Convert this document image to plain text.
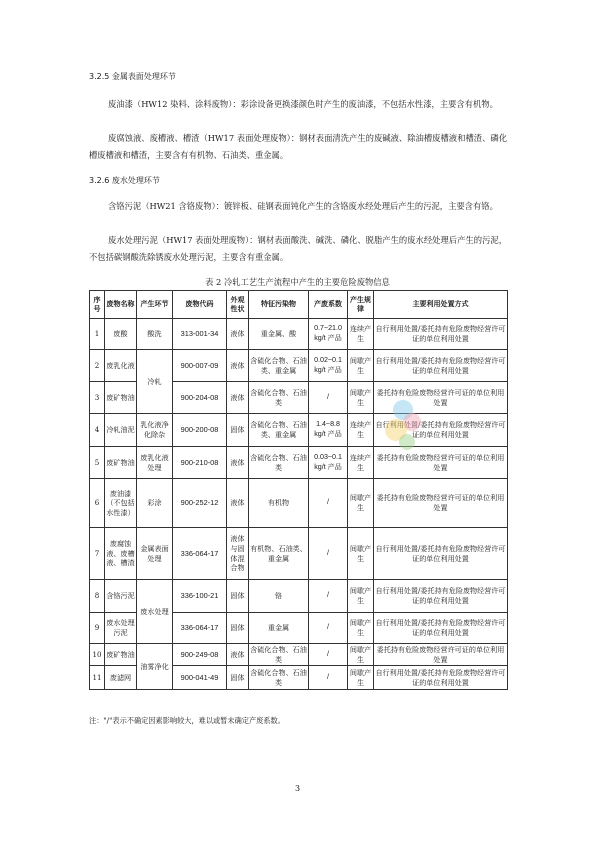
3.2.5 金属表面处理环节
废油漆（HW12 染料、涂料废物）：彩涂设备更换漆颜色时产生的废油漆，不包括水性漆，主要含有机物。
废腐蚀液、废槽液、槽渣（HW17 表面处理废物）：钢材表面清洗产生的废碱液、除油槽废槽液和槽渣、磷化槽废槽液和槽渣，主要含有有机物、石油类、重金属。
3.2.6 废水处理环节
含铬污泥（HW21 含铬废物）：镀锌板、硅钢表面钝化产生的含铬废水经处理后产生的污泥，主要含有铬。
废水处理污泥（HW17 表面处理废物）：钢材表面酸洗、碱洗、磷化、脱脂产生的废水经处理后产生的污泥，不包括碳钢酸洗除锈废水处理污泥，主要含有重金属。
表 2 冷轧工艺生产流程中产生的主要危险废物信息
序号	废物名称	产生环节	废物代码	外观性状	特征污染物	产废系数	产生规律	主要利用处置方式
1	废酸	酸洗	313-001-34	液体	重金属、酸	0.7~21.0 kg/t 产品	连续产生	自行利用处置/委托持有危险废物经营许可证的单位利用处置
2	废乳化液	冷轧	900-007-09	液体	含硫化合物、石油类、重金属	0.02~0.1 kg/t 产品	间歇产生	自行利用处置/委托持有危险废物经营许可证的单位利用处置
3	废矿物油		900-204-08	液体	含硫化合物、石油类	/	间歇产生	委托持有危险废物经营许可证的单位利用处置
4	冷轧油泥	乳化液净化除杂	900-200-08	固体	含硫化合物、石油类、重金属	1.4~8.8 kg/t 产品	连续产生	自行利用处置/委托持有危险废物经营许可证的单位利用处置
5	废矿物油	废乳化液处理	900-210-08	液体	含硫化合物、石油类	0.03~0.1 kg/t 产品	连续产生	委托持有危险废物经营许可证的单位利用处置
6	废油漆（不包括水性漆）	彩涂	900-252-12	液体	有机物	/	间歇产生	委托持有危险废物经营许可证的单位利用处置
7	废腐蚀液、废槽液、槽渣	金属表面处理	336-064-17	液体与固体混合物	有机物、石油类、重金属	/	间歇产生	自行利用处置/委托持有危险废物经营许可证的单位利用处置
8	含铬污泥	废水处理	336-100-21	固体	铬	/	间歇产生	自行利用处置/委托持有危险废物经营许可证的单位利用处置
9	废水处理污泥		336-064-17	固体	重金属	/	间歇产生	自行利用处置/委托持有危险废物经营许可证的单位利用处置
10	废矿物油	油雾净化	900-249-08	液体	含硫化合物、石油类	/	间歇产生	委托持有危险废物经营许可证的单位利用处置
11	废滤网		900-041-49	固体	含硫化合物、石油类	/	间歇产生	自行利用处置/委托持有危险废物经营许可证的单位利用处置
注："/"表示不确定因素影响较大，难以或暂未确定产废系数。
3
